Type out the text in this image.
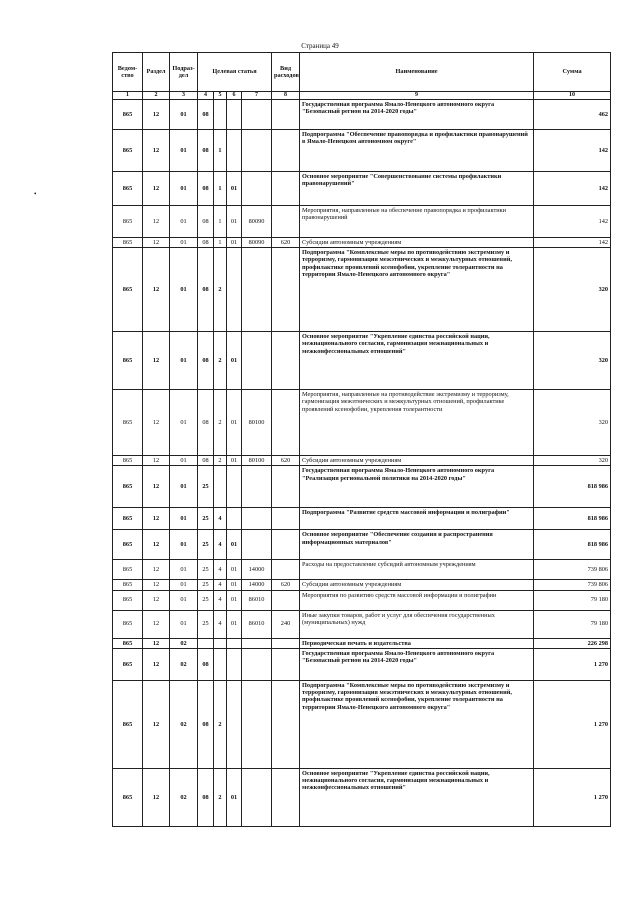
Страница 49
•
Ведом-ство	Раздел	Подраз-дел	Целевая статья				Вид расходов	Наименование	Сумма
1	2	3	4	5	6	7	8	9	10
865	12	01	08					Государственная программа Ямало-Ненецкого автономного округа "Безопасный регион на 2014-2020 годы"	462
865	12	01	08	1				Подпрограмма "Обеспечение правопорядка и профилактики правонарушений в Ямало-Ненецком автономном округе"	142
865	12	01	08	1	01			Основное мероприятие "Совершенствование системы профилактики правонарушений"	142
865	12	01	08	1	01	80090		Мероприятия, направленные на обеспечение правопорядка и профилактики правонарушений	142
865	12	01	08	1	01	80090	620	Субсидии автономным учреждениям	142
865	12	01	08	2				Подпрограмма "Комплексные меры по противодействию экстремизму и терроризму, гармонизация межэтнических и межкультурных отношений, профилактике проявлений ксенофобии, укрепление толерантности на территории Ямало-Ненецкого автономного округа"	320
865	12	01	08	2	01			Основное мероприятие "Укрепление единства российской нации, межнационального согласия, гармонизация межнациональных и межконфессиональных отношений"	320
865	12	01	08	2	01	80100		Мероприятия, направленные на противодействие экстремизму и терроризму, гармонизация межэтнических и межкультурных отношений, профилактике проявлений ксенофобии, укрепления толерантности	320
865	12	01	08	2	01	80100	620	Субсидии автономным учреждениям	320
865	12	01	25					Государственная программа Ямало-Ненецкого автономного округа "Реализация региональной политики на 2014-2020 годы"	818 986
865	12	01	25	4				Подпрограмма "Развитие средств массовой информации и полиграфии"	818 986
865	12	01	25	4	01			Основное мероприятие "Обеспечение создания и распространения информационных материалов"	818 986
865	12	01	25	4	01	14000		Расходы на предоставление субсидий автономным учреждениям	739 806
865	12	01	25	4	01	14000	620	Субсидии автономным учреждениям	739 806
865	12	01	25	4	01	86010		Мероприятия по развитию средств массовой информации и полиграфии	79 180
865	12	01	25	4	01	86010	240	Иные закупки товаров, работ и услуг для обеспечения государственных (муниципальных) нужд	79 180
865	12	02						Периодическая печать и издательства	226 298
865	12	02	08					Государственная программа Ямало-Ненецкого автономного округа "Безопасный регион на 2014-2020 годы"	1 270
865	12	02	08	2				Подпрограмма "Комплексные меры по противодействию экстремизму и терроризму, гармонизация межэтнических и межкультурных отношений, профилактике проявлений ксенофобии, укрепление толерантности на территории Ямало-Ненецкого автономного округа"	1 270
865	12	02	08	2	01			Основное мероприятие "Укрепление единства российской нации, межнационального согласия, гармонизация межнациональных и межконфессиональных отношений"	1 270
